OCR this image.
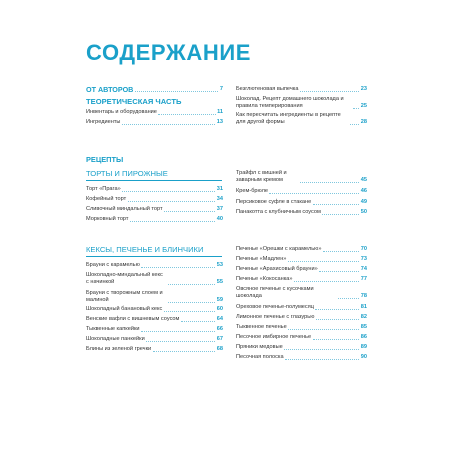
СОДЕРЖАНИЕ
ОТ АВТОРОВ	7
ТЕОРЕТИЧЕСКАЯ ЧАСТЬ
Инвентарь и оборудование	11
Ингредиенты	13
Безглютеновая выпечка	23
Шоколад. Рецепт домашнего шоколада и правила темперирования	25
Как пересчитать ингредиенты в рецепте для другой формы	28
РЕЦЕПТЫ
ТОРТЫ И ПИРОЖНЫЕ
Торт «Прага»	31
Кофейный торт	34
Сливочный миндальный торт	37
Морковный торт	40
Трайфл с вишней и заварным кремом	45
Крем-брюле	46
Персиковое суфле в стакане	49
Панакотта с клубничным соусом	50
КЕКСЫ, ПЕЧЕНЬЕ И БЛИНЧИКИ
Брауни с карамелью	53
Шоколадно-миндальный кекс с начинкой	55
Брауни с творожным слоем и малиной	59
Шоколадный банановый кекс	60
Венские вафли с вишневым соусом	64
Тыквенные капкейки	66
Шоколадные панкейки	67
Блины из зеленой гречки	68
Печенье «Орешки с карамелью»	70
Печенье «Мадлен»	73
Печенье «Арахисовый брауни»	74
Печенье «Кокосанка»	77
Овсяное печенье с кусочками шоколада	78
Ореховое печенье-полумесяц	81
Лимонное печенье с глазурью	82
Тыквенное печенье	85
Песочное имбирное печенье	86
Пряники медовые	89
Песочная полоска	90
